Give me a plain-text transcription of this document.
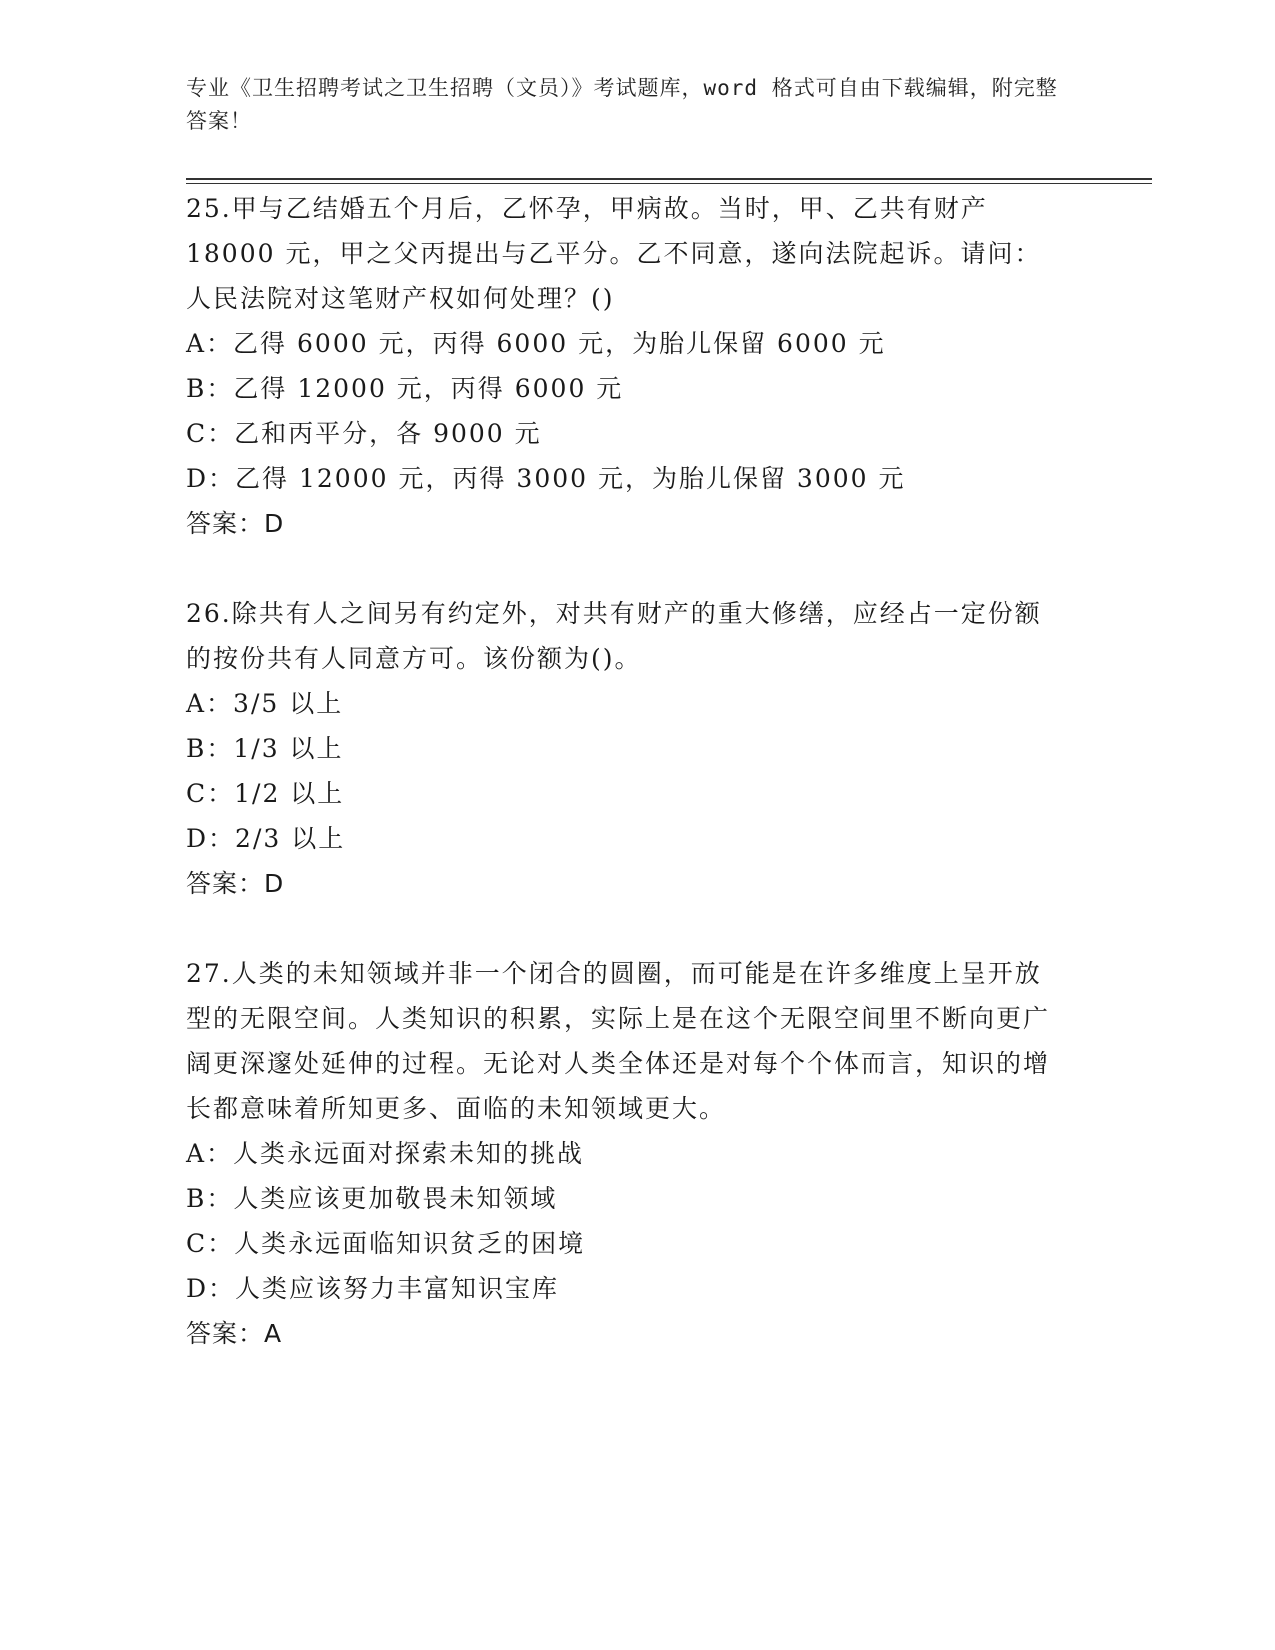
专业《卫生招聘考试之卫生招聘（文员）》考试题库，word 格式可自由下载编辑，附完整答案！

25.甲与乙结婚五个月后，乙怀孕，甲病故。当时，甲、乙共有财产18000 元，甲之父丙提出与乙平分。乙不同意，遂向法院起诉。请问：人民法院对这笔财产权如何处理？()

A：乙得 6000 元，丙得 6000 元，为胎儿保留 6000 元

B：乙得 12000 元，丙得 6000 元

C：乙和丙平分，各 9000 元

D：乙得 12000 元，丙得 3000 元，为胎儿保留 3000 元

答案：D

26.除共有人之间另有约定外，对共有财产的重大修缮，应经占一定份额的按份共有人同意方可。该份额为()。

A：3/5 以上

B：1/3 以上

C：1/2 以上

D：2/3 以上

答案：D

27.人类的未知领域并非一个闭合的圆圈，而可能是在许多维度上呈开放型的无限空间。人类知识的积累，实际上是在这个无限空间里不断向更广阔更深邃处延伸的过程。无论对人类全体还是对每个个体而言，知识的增长都意味着所知更多、面临的未知领域更大。

A：人类永远面对探索未知的挑战

B：人类应该更加敬畏未知领域

C：人类永远面临知识贫乏的困境

D：人类应该努力丰富知识宝库

答案：A
